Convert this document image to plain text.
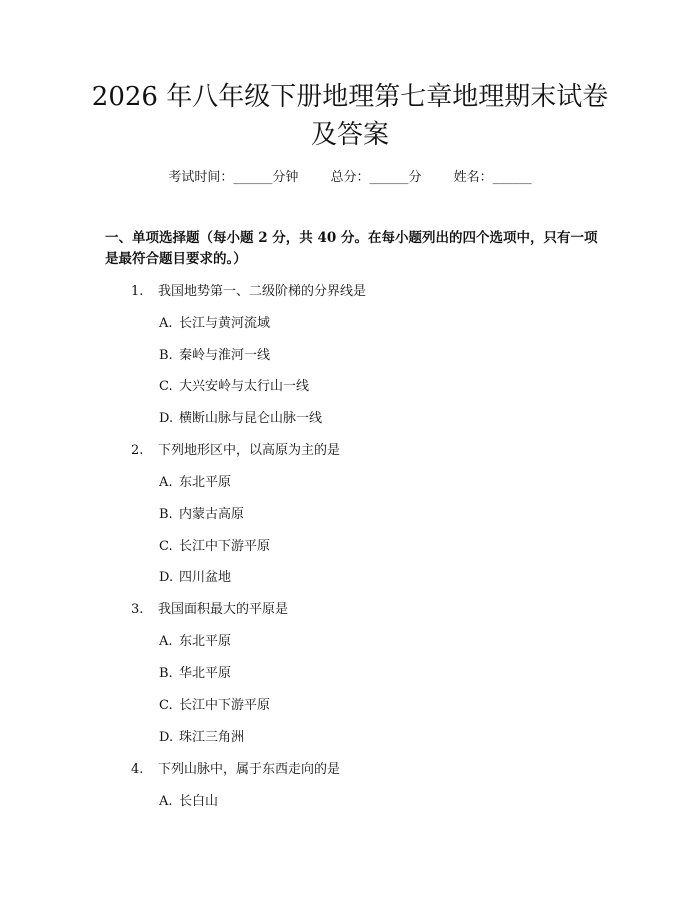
2026 年八年级下册地理第七章地理期末试卷
及答案
考试时间：______分钟 总分：______分 姓名：______
一、单项选择题（每小题 2 分，共 40 分。在每小题列出的四个选项中，只有一项是最符合题目要求的。）
1. 我国地势第一、二级阶梯的分界线是
A. 长江与黄河流域
B. 秦岭与淮河一线
C. 大兴安岭与太行山一线
D. 横断山脉与昆仑山脉一线
2. 下列地形区中，以高原为主的是
A. 东北平原
B. 内蒙古高原
C. 长江中下游平原
D. 四川盆地
3. 我国面积最大的平原是
A. 东北平原
B. 华北平原
C. 长江中下游平原
D. 珠江三角洲
4. 下列山脉中，属于东西走向的是
A. 长白山
